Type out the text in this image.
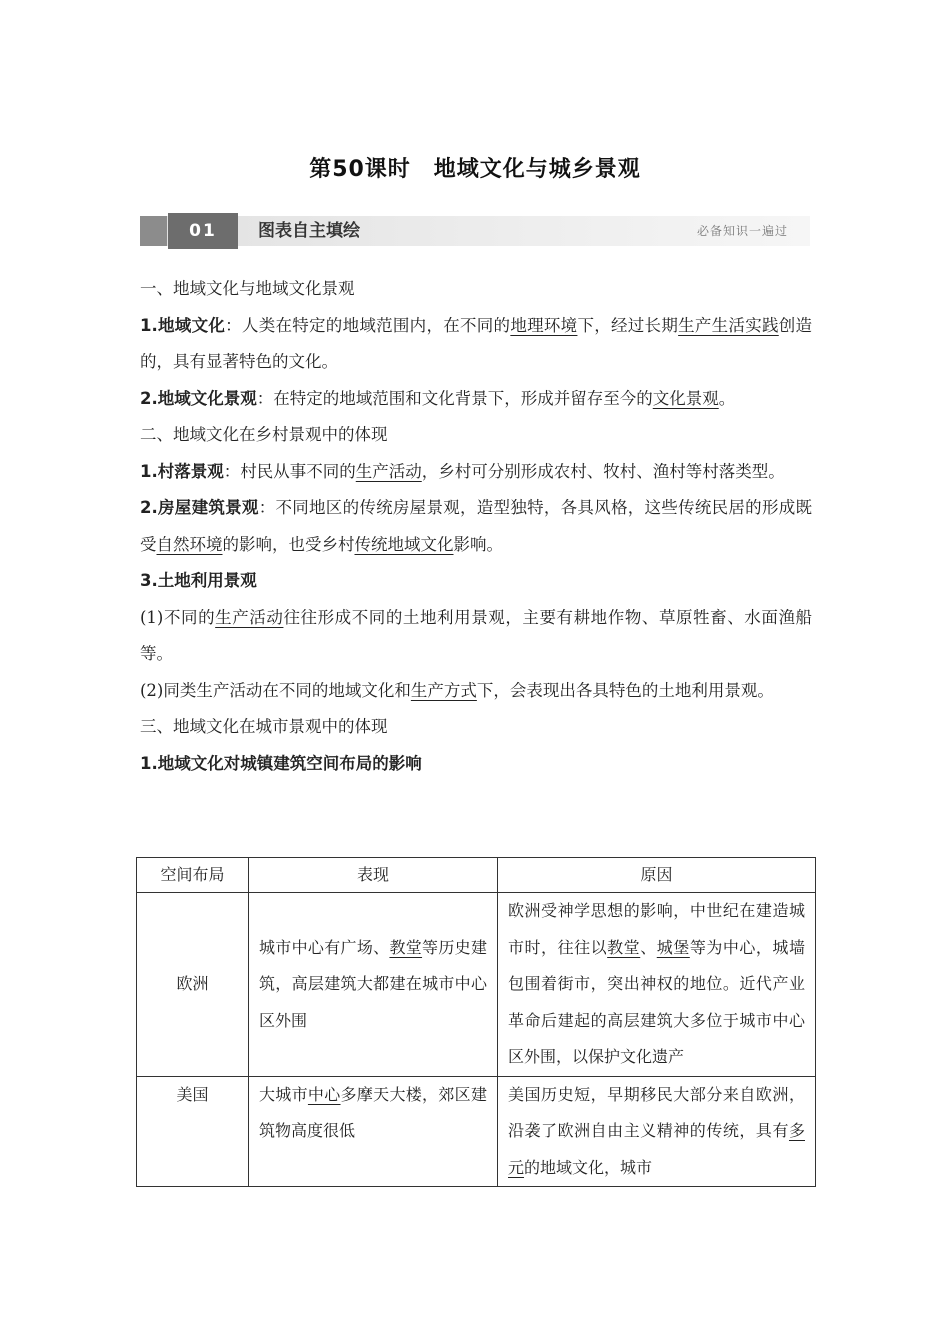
第50课时　地域文化与城乡景观
01	图表自主填绘	必备知识一遍过

一、地域文化与地域文化景观

1.地域文化：人类在特定的地域范围内，在不同的地理环境下，经过长期生产生活实践创造的，具有显著特色的文化。

2.地域文化景观：在特定的地域范围和文化背景下，形成并留存至今的文化景观。

二、地域文化在乡村景观中的体现

1.村落景观：村民从事不同的生产活动，乡村可分别形成农村、牧村、渔村等村落类型。

2.房屋建筑景观：不同地区的传统房屋景观，造型独特，各具风格，这些传统民居的形成既受自然环境的影响，也受乡村传统地域文化影响。

3.土地利用景观

(1)不同的生产活动往往形成不同的土地利用景观，主要有耕地作物、草原牲畜、水面渔船等。

(2)同类生产活动在不同的地域文化和生产方式下，会表现出各具特色的土地利用景观。

三、地域文化在城市景观中的体现

1.地域文化对城镇建筑空间布局的影响

空间布局	表现	原因
欧洲	城市中心有广场、教堂等历史建筑，高层建筑大都建在城市中心区外围	欧洲受神学思想的影响，中世纪在建造城市时，往往以教堂、城堡等为中心，城墙包围着街市，突出神权的地位。近代产业革命后建起的高层建筑大多位于城市中心区外围，以保护文化遗产
美国	大城市中心多摩天大楼，郊区建筑物高度很低	美国历史短，早期移民大部分来自欧洲，沿袭了欧洲自由主义精神的传统，具有多元的地域文化，城市
